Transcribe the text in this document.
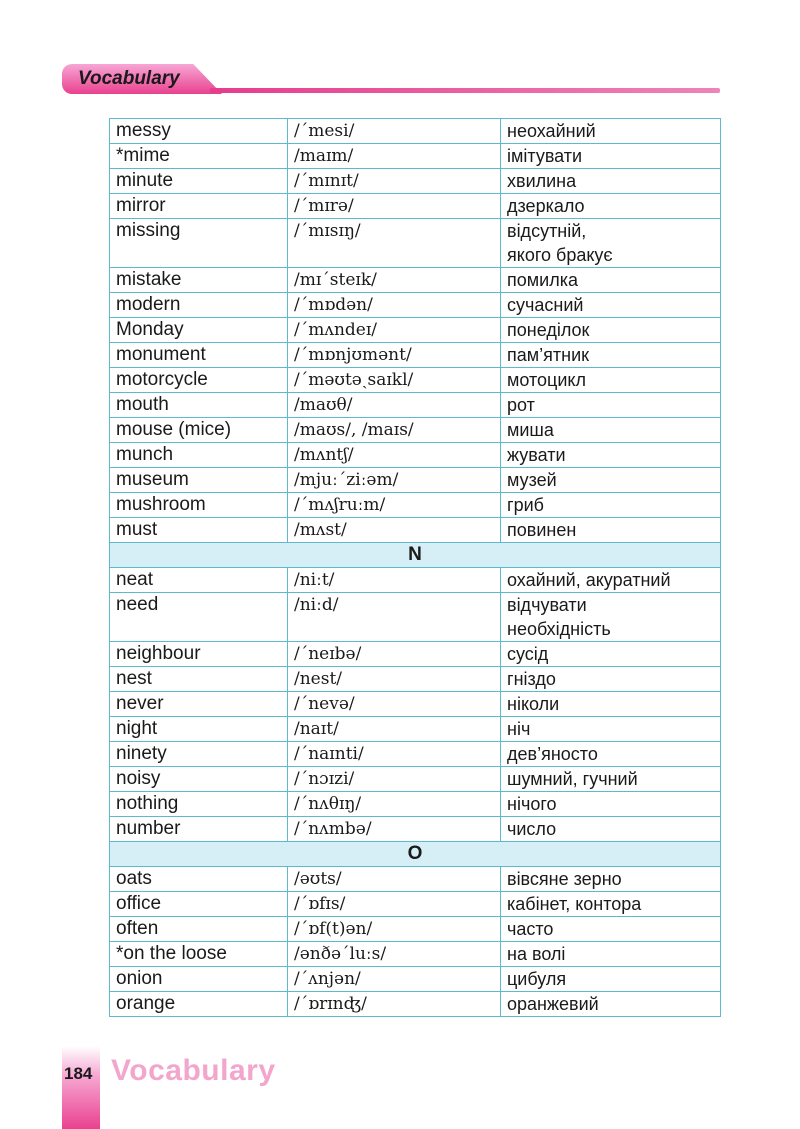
Vocabulary
messy	/ˊmesi/	неохайний

*mime	/maɪm/	імітувати

minute	/ˊmɪnɪt/	хвилина

mirror	/ˊmɪrə/	дзеркало

missing	/ˊmɪsɪŋ/	відсутній,
якого бракує

mistake	/mɪˊsteɪk/	помилка

modern	/ˊmɒdən/	сучасний

Monday	/ˊmʌndeɪ/	понеділок

monument	/ˊmɒnjʊmənt/	пам’ятник

motorcycle	/ˊməʊtəˏsaɪkl/	мотоцикл

mouth	/maʊθ/	рот

mouse (mice)	/maʊs/, /maɪs/	миша

munch	/mʌntʃ/	жувати

museum	/mjuːˊziːəm/	музей

mushroom	/ˊmʌʃruːm/	гриб

must	/mʌst/	повинен

N		
neat	/niːt/	охайний, акуратний

need	/niːd/	відчувати
необхідність

neighbour	/ˊneɪbə/	сусід

nest	/nest/	гніздо

never	/ˊnevə/	ніколи

night	/naɪt/	ніч

ninety	/ˊnaɪnti/	дев’яносто

noisy	/ˊnɔɪzi/	шумний, гучний

nothing	/ˊnʌθɪŋ/	нічого

number	/ˊnʌmbə/	число

O		
oats	/əʊts/	вівсяне зерно

office	/ˊɒfɪs/	кабінет, контора

often	/ˊɒf(t)ən/	часто

*on the loose	/ənðəˊluːs/	на волі

onion	/ˊʌnjən/	цибуля

orange	/ˊɒrɪnʤ/	оранжевий
184 Vocabulary
